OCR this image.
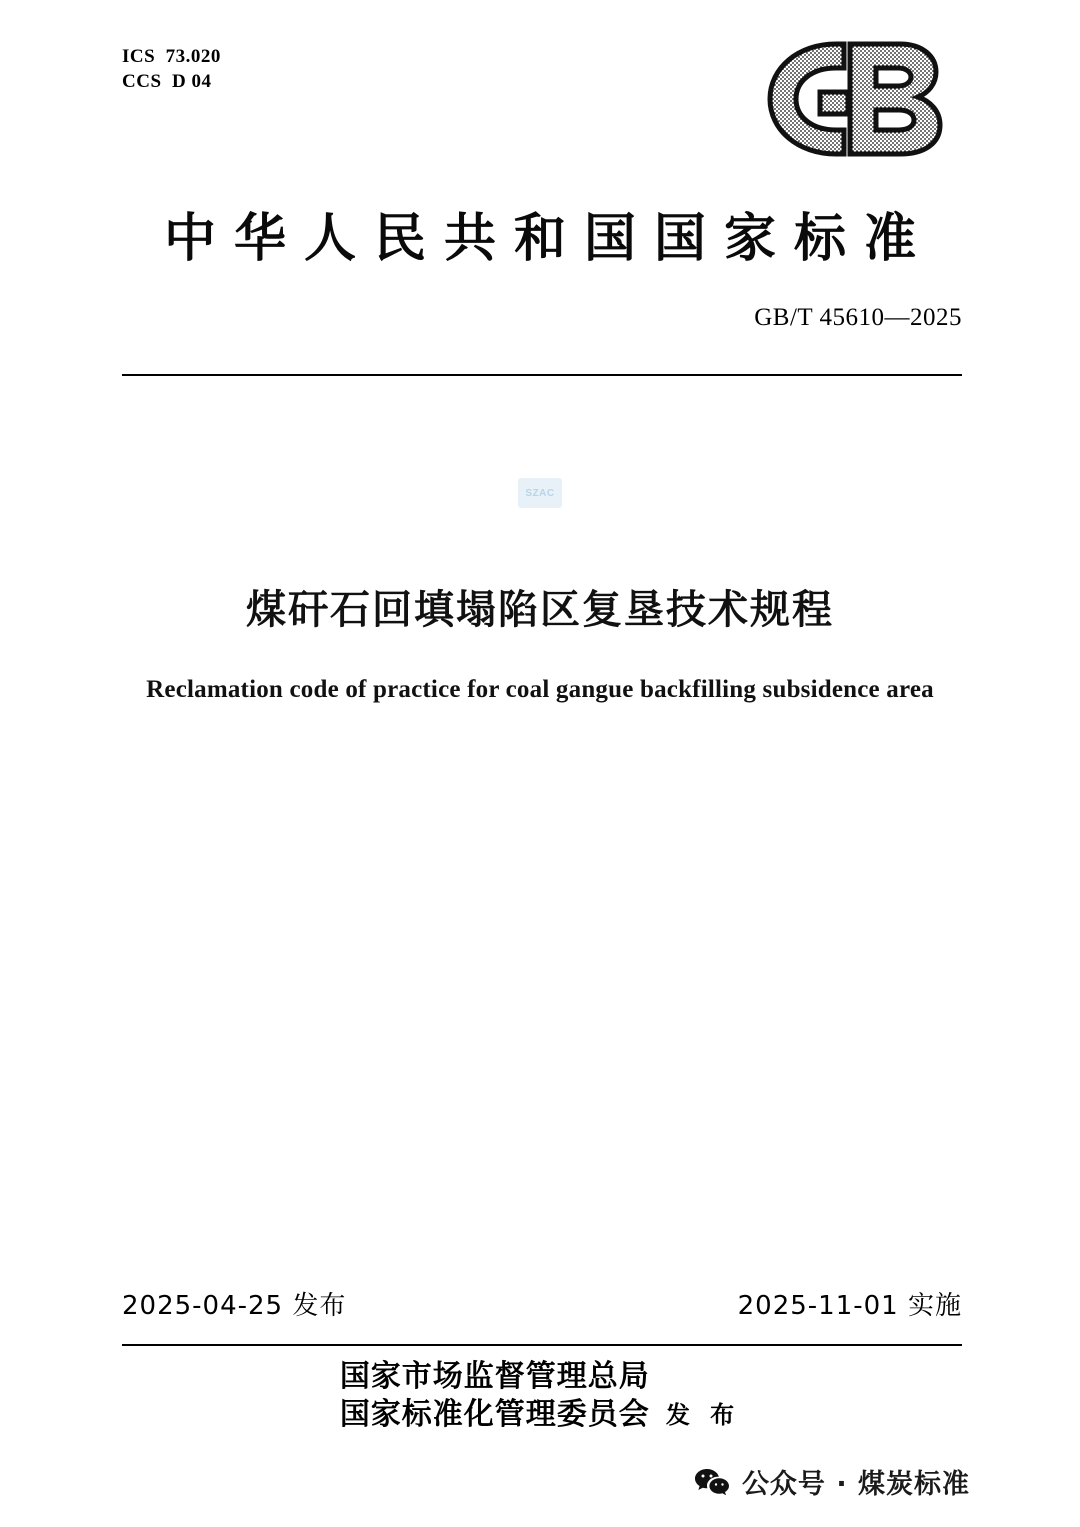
ICS  73.020
CCS  D 04
中华人民共和国国家标准
GB/T 45610—2025
SZAC
煤矸石回填塌陷区复垦技术规程
Reclamation code of practice for coal gangue backfilling subsidence area
2025-04-25 发布	2025-11-01 实施
国家市场监督管理总局
国家标准化管理委员会 发 布
公众号 · 煤炭标准
